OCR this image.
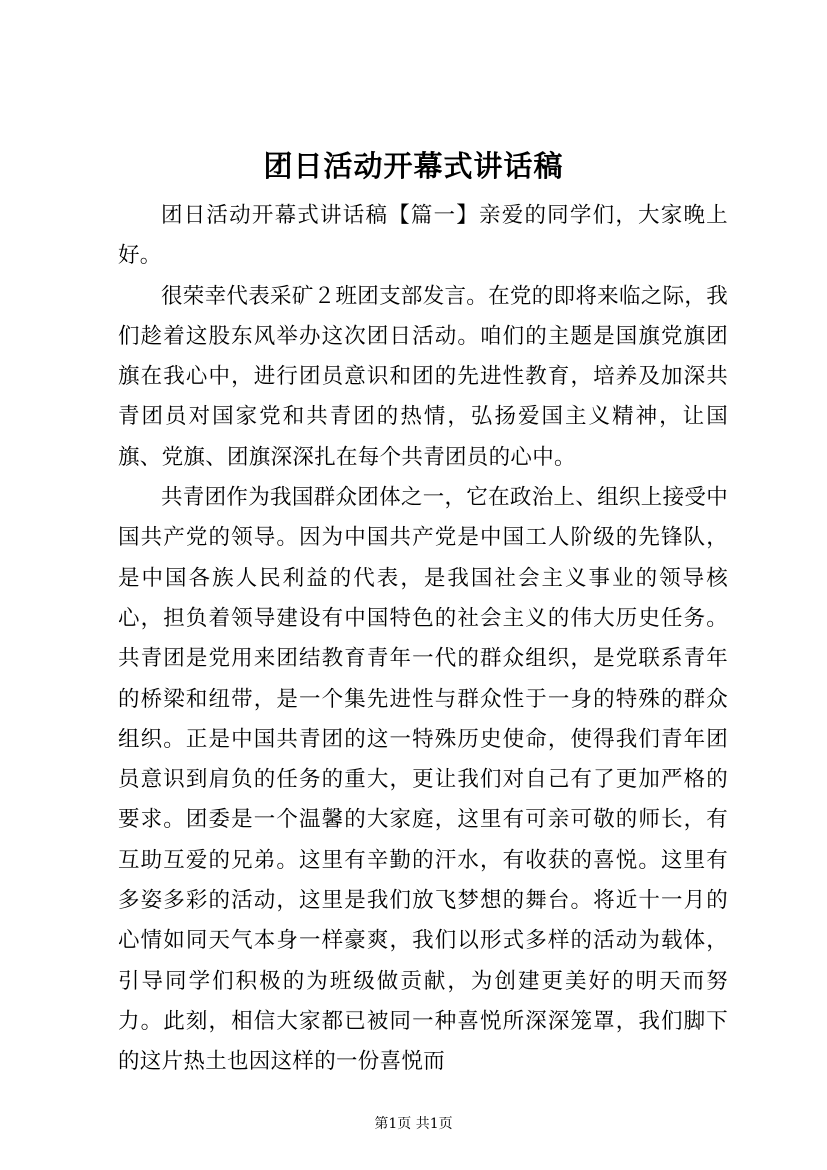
团日活动开幕式讲话稿

团日活动开幕式讲话稿【篇一】亲爱的同学们，大家晚上好。

很荣幸代表采矿２班团支部发言。在党的即将来临之际，我们趁着这股东风举办这次团日活动。咱们的主题是国旗党旗团旗在我心中，进行团员意识和团的先进性教育，培养及加深共青团员对国家党和共青团的热情，弘扬爱国主义精神，让国旗、党旗、团旗深深扎在每个共青团员的心中。

共青团作为我国群众团体之一，它在政治上、组织上接受中国共产党的领导。因为中国共产党是中国工人阶级的先锋队，是中国各族人民利益的代表，是我国社会主义事业的领导核心，担负着领导建设有中国特色的社会主义的伟大历史任务。共青团是党用来团结教育青年一代的群众组织，是党联系青年的桥梁和纽带，是一个集先进性与群众性于一身的特殊的群众组织。正是中国共青团的这一特殊历史使命，使得我们青年团员意识到肩负的任务的重大，更让我们对自己有了更加严格的要求。团委是一个温馨的大家庭，这里有可亲可敬的师长，有互助互爱的兄弟。这里有辛勤的汗水，有收获的喜悦。这里有多姿多彩的活动，这里是我们放飞梦想的舞台。将近十一月的心情如同天气本身一样豪爽，我们以形式多样的活动为载体，引导同学们积极的为班级做贡献，为创建更美好的明天而努力。此刻，相信大家都已被同一种喜悦所深深笼罩，我们脚下的这片热土也因这样的一份喜悦而

第1页 共1页
